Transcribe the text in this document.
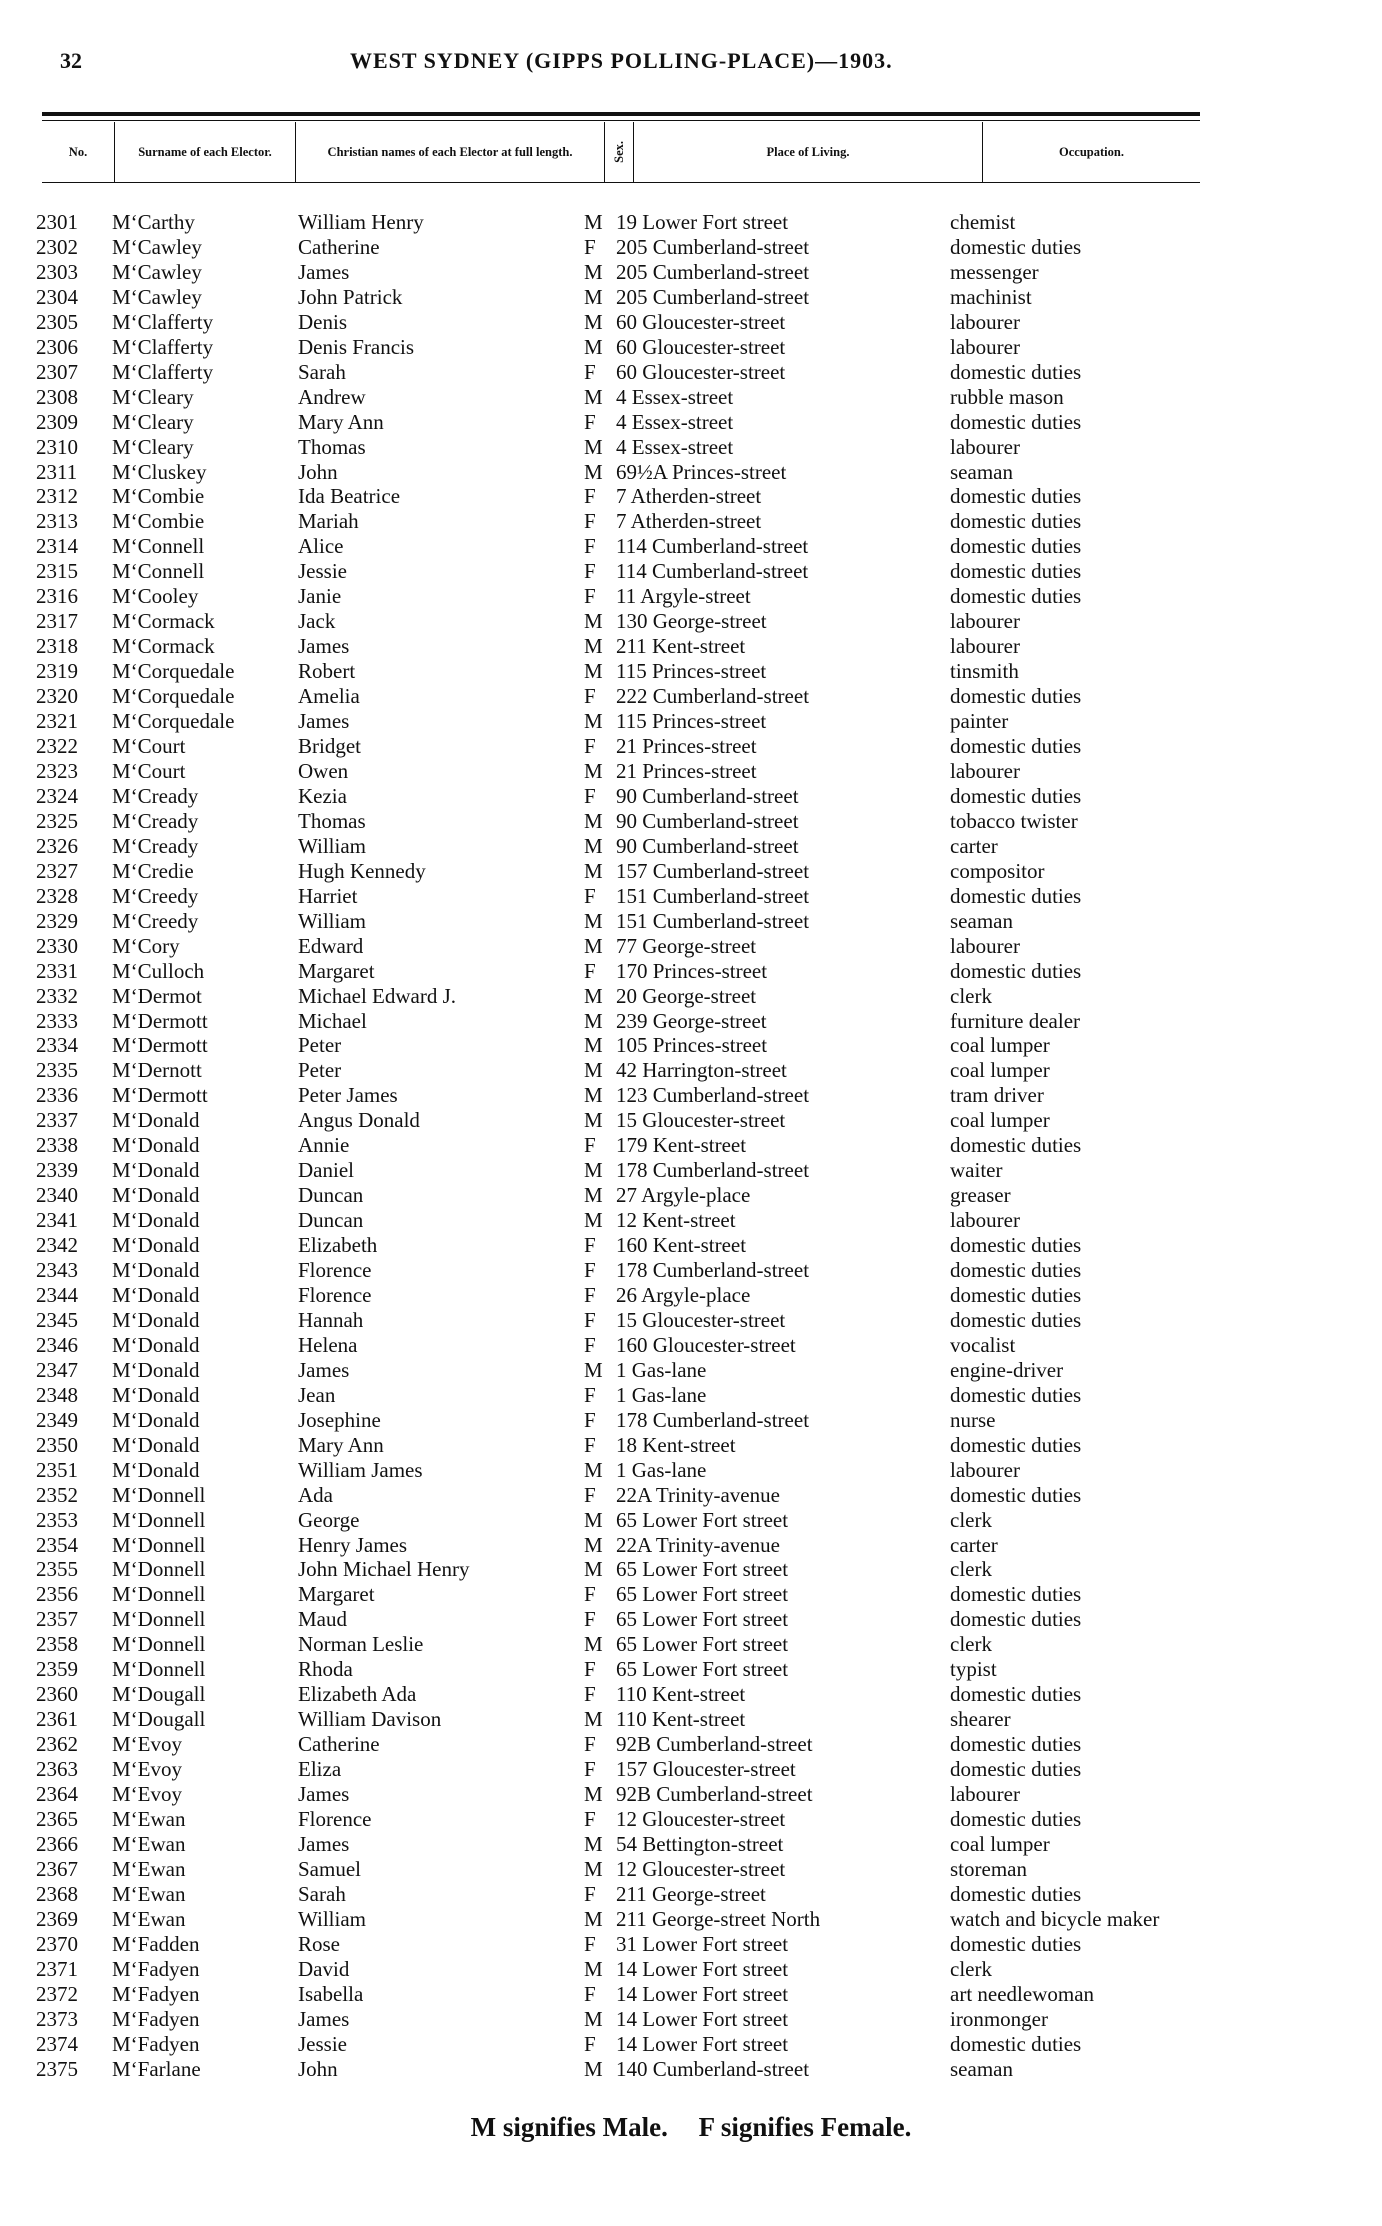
32	WEST SYDNEY (GIPPS POLLING-PLACE)—1903.
No.	Surname of each Elector.	Christian names of each Elector at full length.	Sex.	Place of Living.	Occupation.
2301 M‘Carthy	William Henry	M 19 Lower Fort street	chemist
2302 M‘Cawley	Catherine	F 205 Cumberland-street	domestic duties
2303 M‘Cawley	James	M 205 Cumberland-street	messenger
2304 M‘Cawley	John Patrick	M 205 Cumberland-street	machinist
2305 M‘Clafferty	Denis	M 60 Gloucester-street	labourer
2306 M‘Clafferty	Denis Francis	M 60 Gloucester-street	labourer
2307 M‘Clafferty	Sarah	F 60 Gloucester-street	domestic duties
2308 M‘Cleary	Andrew	M 4 Essex-street	rubble mason
2309 M‘Cleary	Mary Ann	F 4 Essex-street	domestic duties
2310 M‘Cleary	Thomas	M 4 Essex-street	labourer
2311 M‘Cluskey	John	M 69½A Princes-street	seaman
2312 M‘Combie	Ida Beatrice	F 7 Atherden-street	domestic duties
2313 M‘Combie	Mariah	F 7 Atherden-street	domestic duties
2314 M‘Connell	Alice	F 114 Cumberland-street	domestic duties
2315 M‘Connell	Jessie	F 114 Cumberland-street	domestic duties
2316 M‘Cooley	Janie	F 11 Argyle-street	domestic duties
2317 M‘Cormack	Jack	M 130 George-street	labourer
2318 M‘Cormack	James	M 211 Kent-street	labourer
2319 M‘Corquedale	Robert	M 115 Princes-street	tinsmith
2320 M‘Corquedale	Amelia	F 222 Cumberland-street	domestic duties
2321 M‘Corquedale	James	M 115 Princes-street	painter
2322 M‘Court	Bridget	F 21 Princes-street	domestic duties
2323 M‘Court	Owen	M 21 Princes-street	labourer
2324 M‘Cready	Kezia	F 90 Cumberland-street	domestic duties
2325 M‘Cready	Thomas	M 90 Cumberland-street	tobacco twister
2326 M‘Cready	William	M 90 Cumberland-street	carter
2327 M‘Credie	Hugh Kennedy	M 157 Cumberland-street	compositor
2328 M‘Creedy	Harriet	F 151 Cumberland-street	domestic duties
2329 M‘Creedy	William	M 151 Cumberland-street	seaman
2330 M‘Cory	Edward	M 77 George-street	labourer
2331 M‘Culloch	Margaret	F 170 Princes-street	domestic duties
2332 M‘Dermot	Michael Edward J.	M 20 George-street	clerk
2333 M‘Dermott	Michael	M 239 George-street	furniture dealer
2334 M‘Dermott	Peter	M 105 Princes-street	coal lumper
2335 M‘Dernott	Peter	M 42 Harrington-street	coal lumper
2336 M‘Dermott	Peter James	M 123 Cumberland-street	tram driver
2337 M‘Donald	Angus Donald	M 15 Gloucester-street	coal lumper
2338 M‘Donald	Annie	F 179 Kent-street	domestic duties
2339 M‘Donald	Daniel	M 178 Cumberland-street	waiter
2340 M‘Donald	Duncan	M 27 Argyle-place	greaser
2341 M‘Donald	Duncan	M 12 Kent-street	labourer
2342 M‘Donald	Elizabeth	F 160 Kent-street	domestic duties
2343 M‘Donald	Florence	F 178 Cumberland-street	domestic duties
2344 M‘Donald	Florence	F 26 Argyle-place	domestic duties
2345 M‘Donald	Hannah	F 15 Gloucester-street	domestic duties
2346 M‘Donald	Helena	F 160 Gloucester-street	vocalist
2347 M‘Donald	James	M 1 Gas-lane	engine-driver
2348 M‘Donald	Jean	F 1 Gas-lane	domestic duties
2349 M‘Donald	Josephine	F 178 Cumberland-street	nurse
2350 M‘Donald	Mary Ann	F 18 Kent-street	domestic duties
2351 M‘Donald	William James	M 1 Gas-lane	labourer
2352 M‘Donnell	Ada	F 22A Trinity-avenue	domestic duties
2353 M‘Donnell	George	M 65 Lower Fort street	clerk
2354 M‘Donnell	Henry James	M 22A Trinity-avenue	carter
2355 M‘Donnell	John Michael Henry	M 65 Lower Fort street	clerk
2356 M‘Donnell	Margaret	F 65 Lower Fort street	domestic duties
2357 M‘Donnell	Maud	F 65 Lower Fort street	domestic duties
2358 M‘Donnell	Norman Leslie	M 65 Lower Fort street	clerk
2359 M‘Donnell	Rhoda	F 65 Lower Fort street	typist
2360 M‘Dougall	Elizabeth Ada	F 110 Kent-street	domestic duties
2361 M‘Dougall	William Davison	M 110 Kent-street	shearer
2362 M‘Evoy	Catherine	F 92B Cumberland-street	domestic duties
2363 M‘Evoy	Eliza	F 157 Gloucester-street	domestic duties
2364 M‘Evoy	James	M 92B Cumberland-street	labourer
2365 M‘Ewan	Florence	F 12 Gloucester-street	domestic duties
2366 M‘Ewan	James	M 54 Bettington-street	coal lumper
2367 M‘Ewan	Samuel	M 12 Gloucester-street	storeman
2368 M‘Ewan	Sarah	F 211 George-street	domestic duties
2369 M‘Ewan	William	M 211 George-street North	watch and bicycle maker
2370 M‘Fadden	Rose	F 31 Lower Fort street	domestic duties
2371 M‘Fadyen	David	M 14 Lower Fort street	clerk
2372 M‘Fadyen	Isabella	F 14 Lower Fort street	art needlewoman
2373 M‘Fadyen	James	M 14 Lower Fort street	ironmonger
2374 M‘Fadyen	Jessie	F 14 Lower Fort street	domestic duties
2375 M‘Farlane	John	M 140 Cumberland-street	seaman
M signifies Male. F signifies Female.
